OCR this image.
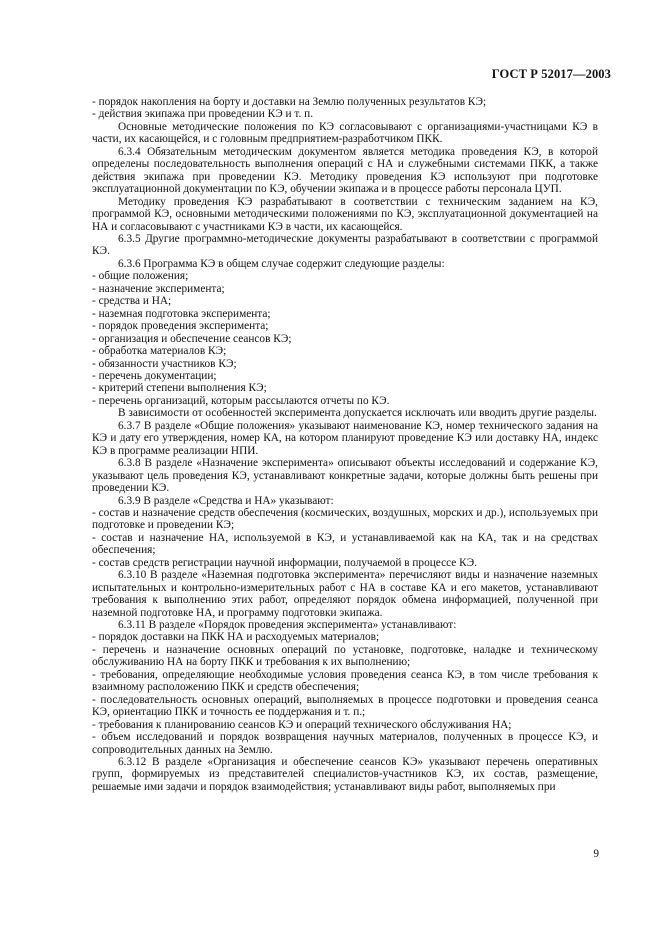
ГОСТ Р 52017—2003

- порядок накопления на борту и доставки на Землю полученных результатов КЭ;

- действия экипажа при проведении КЭ и т. п.

Основные методические положения по КЭ согласовывают с организациями-участницами КЭ в части, их касающейся, и с головным предприятием-разработчиком ПКК.

6.3.4 Обязательным методическим документом является методика проведения КЭ, в которой определены последовательность выполнения операций с НА и служебными системами ПКК, а также действия экипажа при проведении КЭ. Методику проведения КЭ используют при подготовке эксплуатационной документации по КЭ, обучении экипажа и в процессе работы персонала ЦУП.

Методику проведения КЭ разрабатывают в соответствии с техническим заданием на КЭ, программой КЭ, основными методическими положениями по КЭ, эксплуатационной документацией на НА и согласовывают с участниками КЭ в части, их касающейся.

6.3.5 Другие программно-методические документы разрабатывают в соответствии с программой КЭ.

6.3.6 Программа КЭ в общем случае содержит следующие разделы:

- общие положения;

- назначение эксперимента;

- средства и НА;

- наземная подготовка эксперимента;

- порядок проведения эксперимента;

- организация и обеспечение сеансов КЭ;

- обработка материалов КЭ;

- обязанности участников КЭ;

- перечень документации;

- критерий степени выполнения КЭ;

- перечень организаций, которым рассылаются отчеты по КЭ.

В зависимости от особенностей эксперимента допускается исключать или вводить другие разделы.

6.3.7 В разделе «Общие положения» указывают наименование КЭ, номер технического задания на КЭ и дату его утверждения, номер КА, на котором планируют проведение КЭ или доставку НА, индекс КЭ в программе реализации НПИ.

6.3.8 В разделе «Назначение эксперимента» описывают объекты исследований и содержание КЭ, указывают цель проведения КЭ, устанавливают конкретные задачи, которые должны быть решены при проведении КЭ.

6.3.9 В разделе «Средства и НА» указывают:

- состав и назначение средств обеспечения (космических, воздушных, морских и др.), используемых при подготовке и проведении КЭ;

- состав и назначение НА, используемой в КЭ, и устанавливаемой как на КА, так и на средствах обеспечения;

- состав средств регистрации научной информации, получаемой в процессе КЭ.

6.3.10 В разделе «Наземная подготовка эксперимента» перечисляют виды и назначение наземных испытательных и контрольно-измерительных работ с НА в составе КА и его макетов, устанавливают требования к выполнению этих работ, определяют порядок обмена информацией, полученной при наземной подготовке НА, и программу подготовки экипажа.

6.3.11 В разделе «Порядок проведения эксперимента» устанавливают:

- порядок доставки на ПКК НА и расходуемых материалов;

- перечень и назначение основных операций по установке, подготовке, наладке и техническому обслуживанию НА на борту ПКК и требования к их выполнению;

- требования, определяющие необходимые условия проведения сеанса КЭ, в том числе требования к взаимному расположению ПКК и средств обеспечения;

- последовательность основных операций, выполняемых в процессе подготовки и проведения сеанса КЭ, ориентацию ПКК и точность ее поддержания и т. п.;

- требования к планированию сеансов КЭ и операций технического обслуживания НА;

- объем исследований и порядок возвращения научных материалов, полученных в процессе КЭ, и сопроводительных данных на Землю.

6.3.12 В разделе «Организация и обеспечение сеансов КЭ» указывают перечень оперативных групп, формируемых из представителей специалистов-участников КЭ, их состав, размещение, решаемые ими задачи и порядок взаимодействия; устанавливают виды работ, выполняемых при

9
